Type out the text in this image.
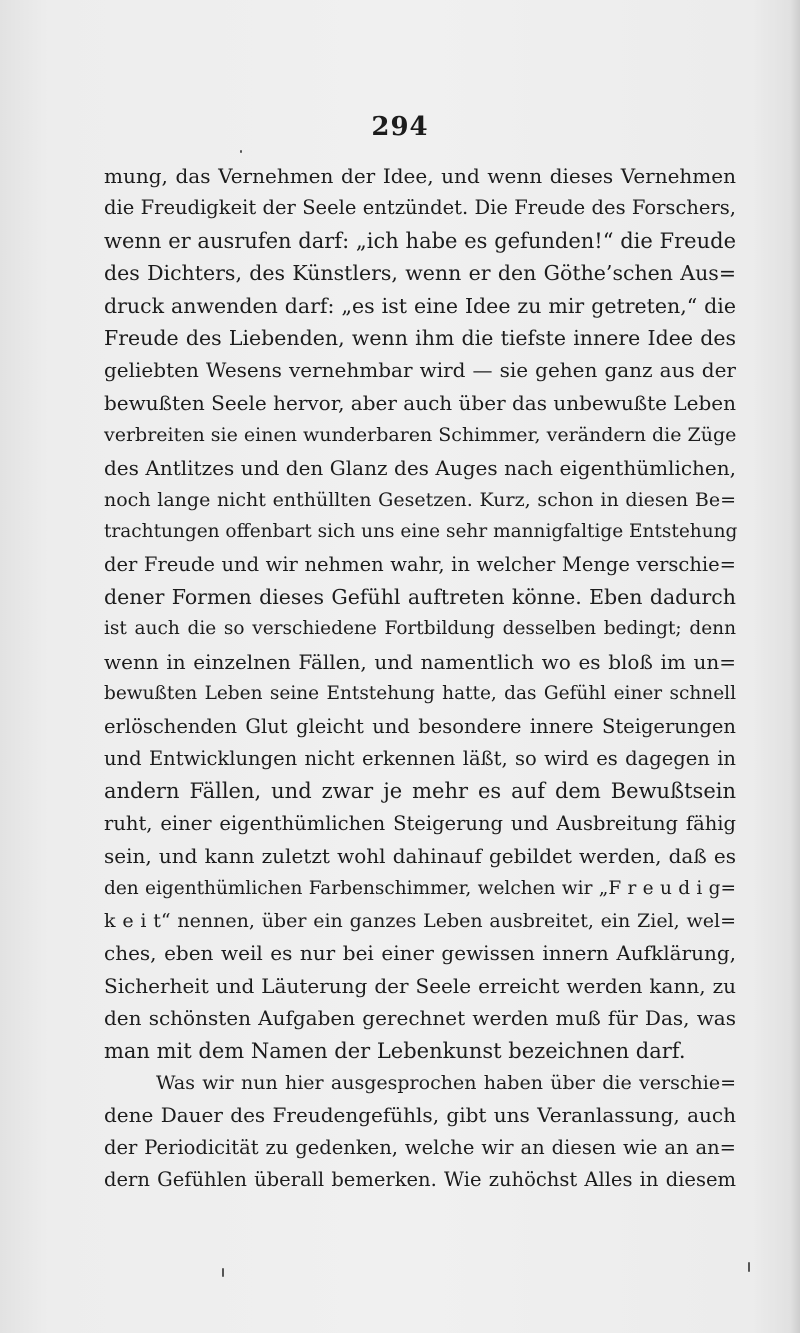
294
mung, das Vernehmen der Idee, und wenn dieses Vernehmen
die Freudigkeit der Seele entzündet. Die Freude des Forschers,
wenn er ausrufen darf: „ich habe es gefunden!“ die Freude
des Dichters, des Künstlers, wenn er den Göthe’schen Aus=
druck anwenden darf: „es ist eine Idee zu mir getreten,“ die
Freude des Liebenden, wenn ihm die tiefste innere Idee des
geliebten Wesens vernehmbar wird — sie gehen ganz aus der
bewußten Seele hervor, aber auch über das unbewußte Leben
verbreiten sie einen wunderbaren Schimmer, verändern die Züge
des Antlitzes und den Glanz des Auges nach eigenthümlichen,
noch lange nicht enthüllten Gesetzen. Kurz, schon in diesen Be=
trachtungen offenbart sich uns eine sehr mannigfaltige Entstehung
der Freude und wir nehmen wahr, in welcher Menge verschie=
dener Formen dieses Gefühl auftreten könne. Eben dadurch
ist auch die so verschiedene Fortbildung desselben bedingt; denn
wenn in einzelnen Fällen, und namentlich wo es bloß im un=
bewußten Leben seine Entstehung hatte, das Gefühl einer schnell
erlöschenden Glut gleicht und besondere innere Steigerungen
und Entwicklungen nicht erkennen läßt, so wird es dagegen in
andern Fällen, und zwar je mehr es auf dem Bewußtsein
ruht, einer eigenthümlichen Steigerung und Ausbreitung fähig
sein, und kann zuletzt wohl dahinauf gebildet werden, daß es
den eigenthümlichen Farbenschimmer, welchen wir „F r e u d i g=
k e i t“ nennen, über ein ganzes Leben ausbreitet, ein Ziel, wel=
ches, eben weil es nur bei einer gewissen innern Aufklärung,
Sicherheit und Läuterung der Seele erreicht werden kann, zu
den schönsten Aufgaben gerechnet werden muß für Das, was
man mit dem Namen der Lebenkunst bezeichnen darf.
Was wir nun hier ausgesprochen haben über die verschie=
dene Dauer des Freudengefühls, gibt uns Veranlassung, auch
der Periodicität zu gedenken, welche wir an diesen wie an an=
dern Gefühlen überall bemerken. Wie zuhöchst Alles in diesem
